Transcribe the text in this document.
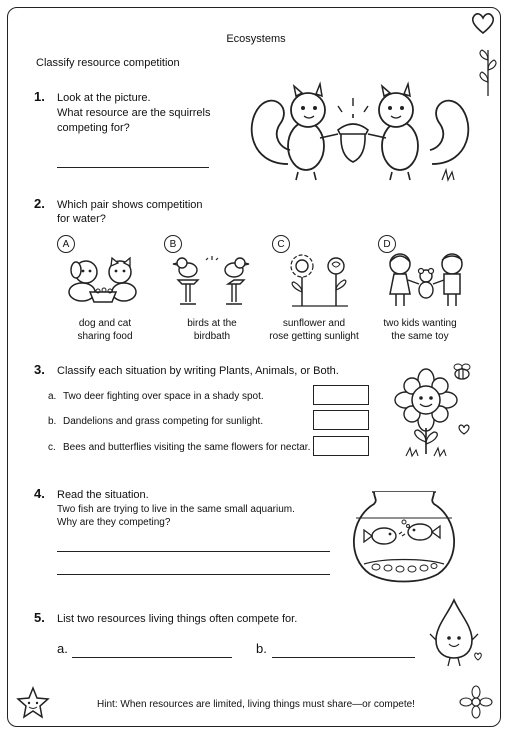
Ecosystems
Classify resource competition
1. Look at the picture.
What resource are the squirrels
competing for?
2. Which pair shows competition
for water?
A
dog and cat
sharing food
B
birds at the
birdbath
C
sunflower and
rose getting sunlight
D
two kids wanting
the same toy
3. Classify each situation by writing Plants, Animals, or Both.
a. Two deer fighting over space in a shady spot.
b. Dandelions and grass competing for sunlight.
c. Bees and butterflies visiting the same flowers for nectar.
4. Read the situation.
Two fish are trying to live in the same small aquarium.
Why are they competing?
5. List two resources living things often compete for.
a.	b.
Hint: When resources are limited, living things must share—or compete!
